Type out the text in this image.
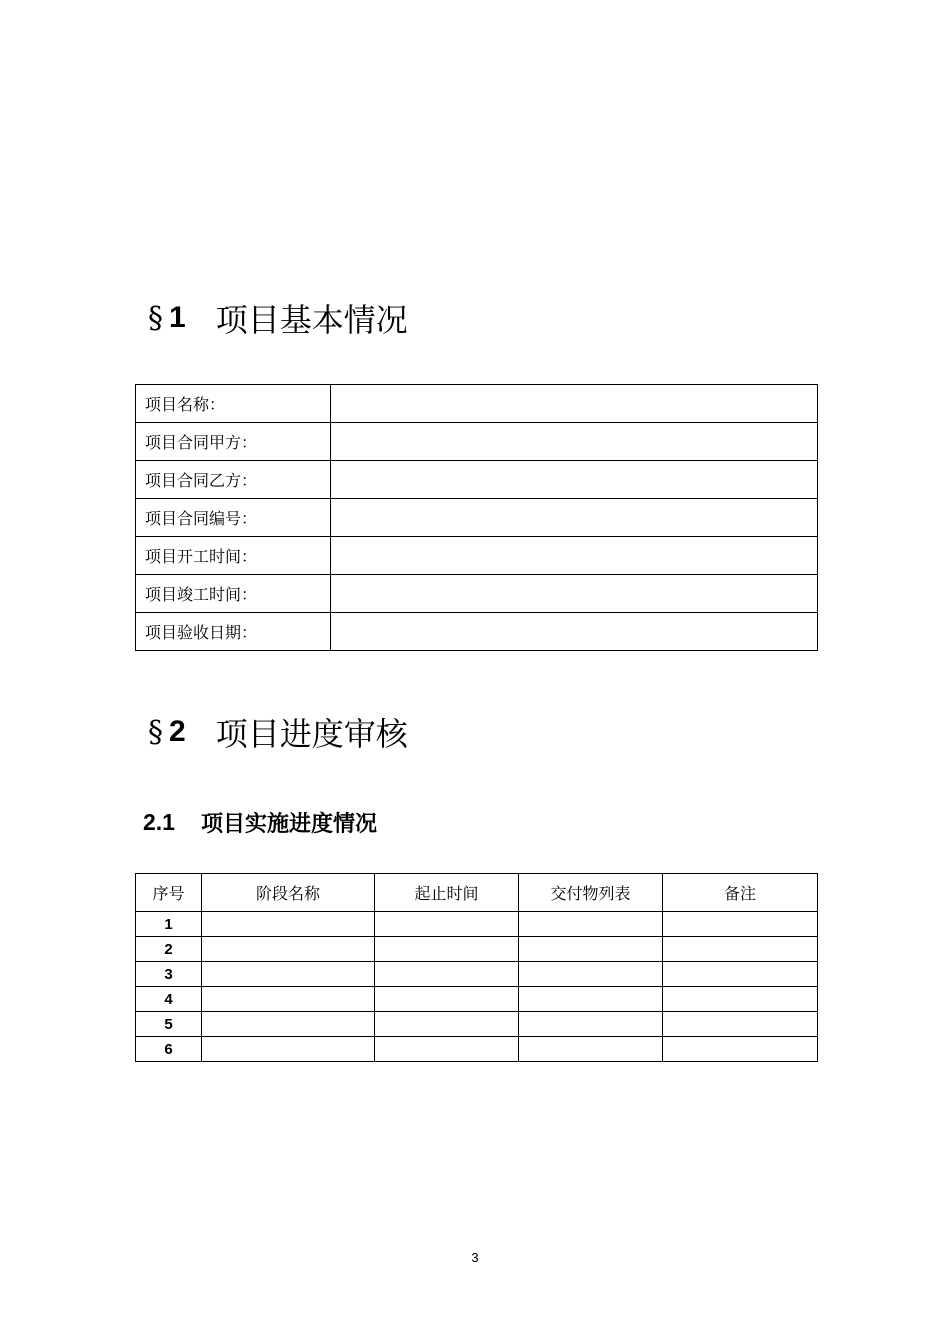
§ 1 项目基本情况
项目名称：	
项目合同甲方：	
项目合同乙方：	
项目合同编号：	
项目开工时间：	
项目竣工时间：	
项目验收日期：	
§ 2 项目进度审核
2.1 项目实施进度情况
序号	阶段名称	起止时间	交付物列表	备注
1				
2				
3				
4				
5				
6				
3
